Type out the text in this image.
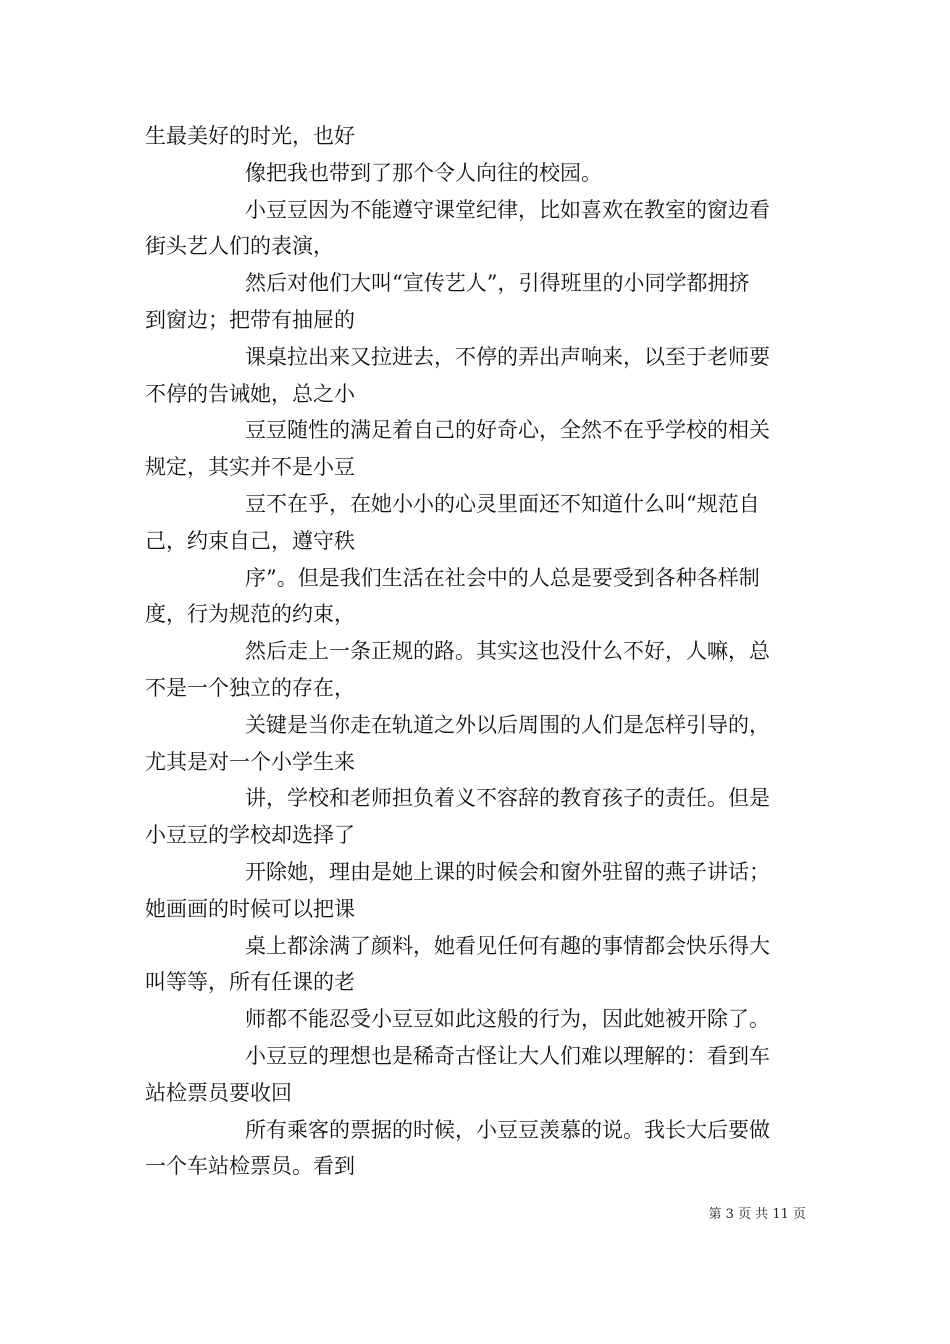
生最美好的时光，也好
像把我也带到了那个令人向往的校园。
小豆豆因为不能遵守课堂纪律，比如喜欢在教室的窗边看
街头艺人们的表演，
然后对他们大叫“宣传艺人”，引得班里的小同学都拥挤
到窗边；把带有抽屉的
课桌拉出来又拉进去，不停的弄出声响来，以至于老师要
不停的告诫她，总之小
豆豆随性的满足着自己的好奇心，全然不在乎学校的相关
规定，其实并不是小豆
豆不在乎，在她小小的心灵里面还不知道什么叫“规范自
己，约束自己，遵守秩
序”。但是我们生活在社会中的人总是要受到各种各样制
度，行为规范的约束，
然后走上一条正规的路。其实这也没什么不好，人嘛，总
不是一个独立的存在，
关键是当你走在轨道之外以后周围的人们是怎样引导的，
尤其是对一个小学生来
讲，学校和老师担负着义不容辞的教育孩子的责任。但是
小豆豆的学校却选择了
开除她，理由是她上课的时候会和窗外驻留的燕子讲话；
她画画的时候可以把课
桌上都涂满了颜料，她看见任何有趣的事情都会快乐得大
叫等等，所有任课的老
师都不能忍受小豆豆如此这般的行为，因此她被开除了。
小豆豆的理想也是稀奇古怪让大人们难以理解的：看到车
站检票员要收回
所有乘客的票据的时候，小豆豆羡慕的说。我长大后要做
一个车站检票员。看到
第 3 页 共 11 页
